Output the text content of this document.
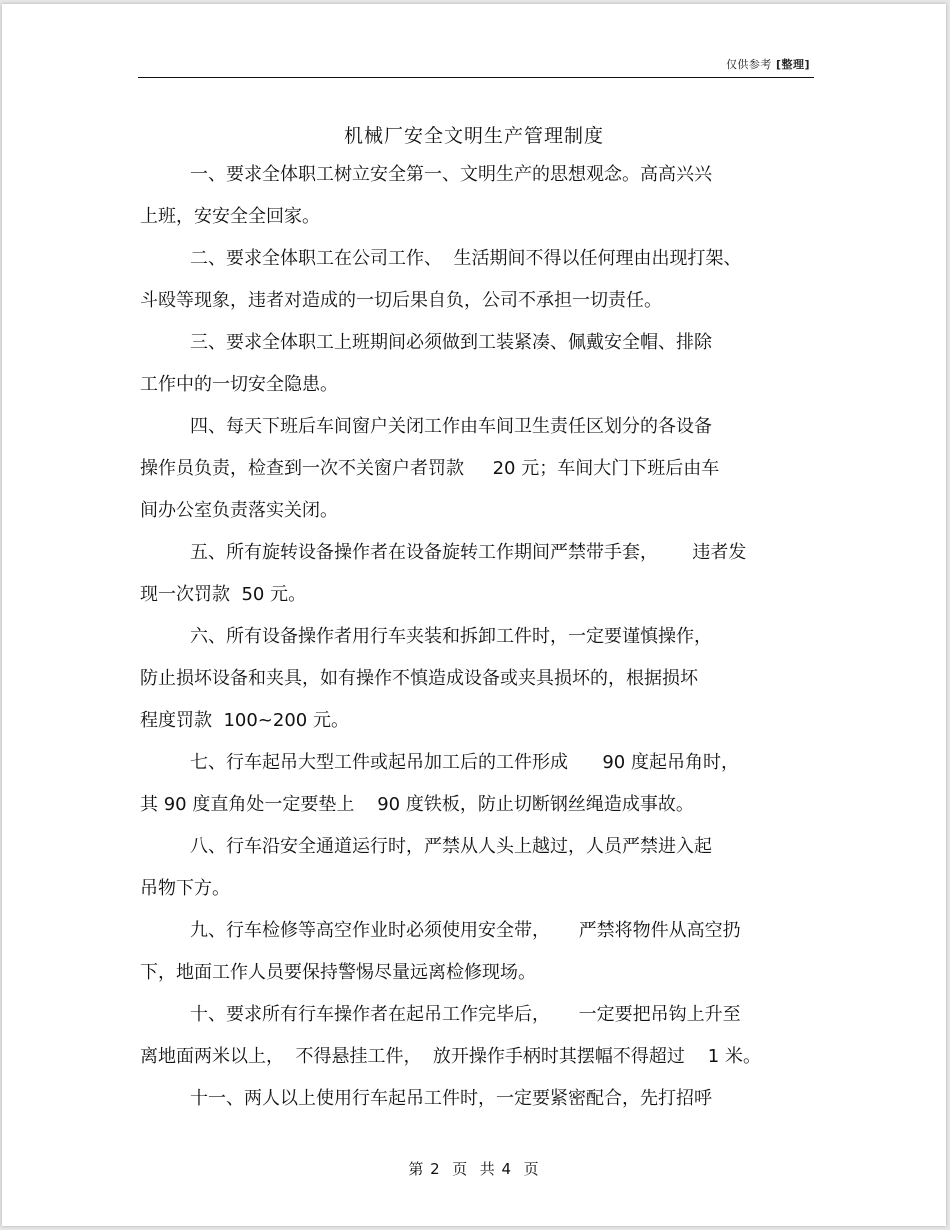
仅供参考 [整理]
机械厂安全文明生产管理制度
一、要求全体职工树立安全第一、文明生产的思想观念。高高兴兴
上班，安安全全回家。
二、要求全体职工在公司工作、  生活期间不得以任何理由出现打架、
斗殴等现象，违者对造成的一切后果自负，公司不承担一切责任。
三、要求全体职工上班期间必须做到工装紧凑、佩戴安全帽、排除
工作中的一切安全隐患。
四、每天下班后车间窗户关闭工作由车间卫生责任区划分的各设备
操作员负责，检查到一次不关窗户者罚款     20 元；车间大门下班后由车
间办公室负责落实关闭。
五、所有旋转设备操作者在设备旋转工作期间严禁带手套，      违者发
现一次罚款  50 元。
六、所有设备操作者用行车夹装和拆卸工件时，一定要谨慎操作，
防止损坏设备和夹具，如有操作不慎造成设备或夹具损坏的，根据损坏
程度罚款  100~200 元。
七、行车起吊大型工件或起吊加工后的工件形成      90 度起吊角时，
其 90 度直角处一定要垫上    90 度铁板，防止切断钢丝绳造成事故。
八、行车沿安全通道运行时，严禁从人头上越过，人员严禁进入起
吊物下方。
九、行车检修等高空作业时必须使用安全带，     严禁将物件从高空扔
下，地面工作人员要保持警惕尽量远离检修现场。
十、要求所有行车操作者在起吊工作完毕后，     一定要把吊钩上升至
离地面两米以上，  不得悬挂工件，  放开操作手柄时其摆幅不得超过    1 米。
十一、两人以上使用行车起吊工件时，一定要紧密配合，先打招呼
第 2  页  共 4  页
